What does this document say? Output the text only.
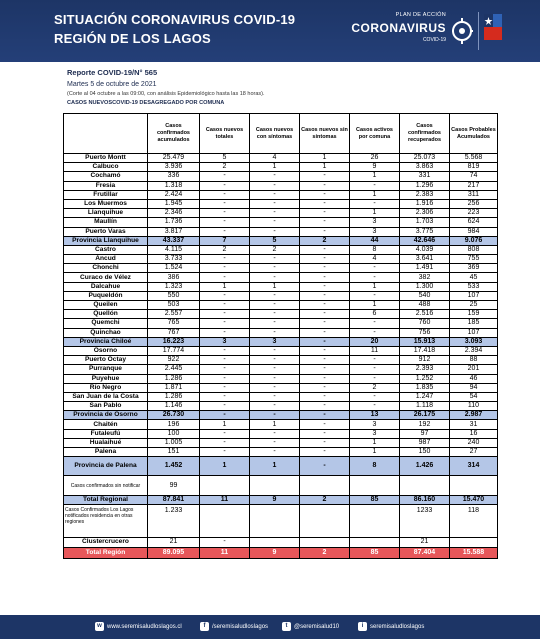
SITUACIÓN CORONAVIRUS COVID-19
REGIÓN DE LOS LAGOS
PLAN DE ACCIÓN
CORONAVIRUS
COVID-19
Reporte COVID-19/N° 565
Martes 5 de octubre de 2021
(Corte al 04 octubre a las 09:00, con análisis Epidemiológico hasta las 18 horas).
CASOS NUEVOSCOVID-19 DESAGREGADO POR COMUNA
	Casos confirmados acumulados	Casos nuevos totales	Casos nuevos con síntomas	Casos nuevos sin síntomas	Casos activos por comuna	Casos confirmados recuperados	Casos Probables Acumulados
Puerto Montt	25.479	5	4	1	26	25.073	5.568
Calbuco	3.936	2	1	1	9	3.863	819
Cochamó	336	-	-	-	1	331	74
Fresia	1.318	-	-	-	-	1.296	217
Frutillar	2.424	-	-	-	1	2.383	311
Los Muermos	1.945	-	-	-	-	1.916	256
Llanquihue	2.346	-	-	-	1	2.306	223
Maullín	1.736	-	-	-	3	1.703	624
Puerto Varas	3.817	-	-	-	3	3.775	984
Provincia Llanquihue	43.337	7	5	2	44	42.646	9.076
Castro	4.115	2	2	-	8	4.039	808
Ancud	3.733	-	-	-	4	3.641	755
Chonchi	1.524	-	-	-	-	1.491	369
Curaco de Vélez	386	-	-	-	-	382	45
Dalcahue	1.323	1	1	-	1	1.300	533
Puqueldón	550	-	-	-	-	540	107
Queilen	503	-	-	-	1	488	25
Quellón	2.557	-	-	-	6	2.516	159
Quemchi	765	-	-	-	-	760	185
Quinchao	767	-	-	-	-	756	107
Provincia Chiloé	16.223	3	3	-	20	15.913	3.093
Osorno	17.774	-	-	-	11	17.418	2.394
Puerto Octay	922	-	-	-	-	912	88
Purranque	2.445	-	-	-	-	2.393	201
Puyehue	1.286	-	-	-	-	1.252	46
Río Negro	1.871	-	-	-	2	1.835	94
San Juan de la Costa	1.286	-	-	-	-	1.247	54
San Pablo	1.146	-	-	-	-	1.118	110
Provincia de Osorno	26.730	-	-	-	13	26.175	2.987
Chaitén	196	1	1	-	3	192	31
Futaleufú	100	-	-	-	3	97	16
Hualaihué	1.005	-	-	-	1	987	240
Palena	151	-	-	-	1	150	27
Provincia de Palena	1.452	1	1	-	8	1.426	314
Casos confirmados sin notificar	99						
Total Regional	87.841	11	9	2	85	86.160	15.470
Casos Confirmados Los Lagos notificados residencia en otras regiones	1.233					1233	118
Clustercrucero	21	-				21	
Total Región	89.095	11	9	2	85	87.404	15.588
w www.seremisaludloslagos.cl	f	/seremisaludloslagos	t	@seremisalud10	i	seremisaludloslagos
